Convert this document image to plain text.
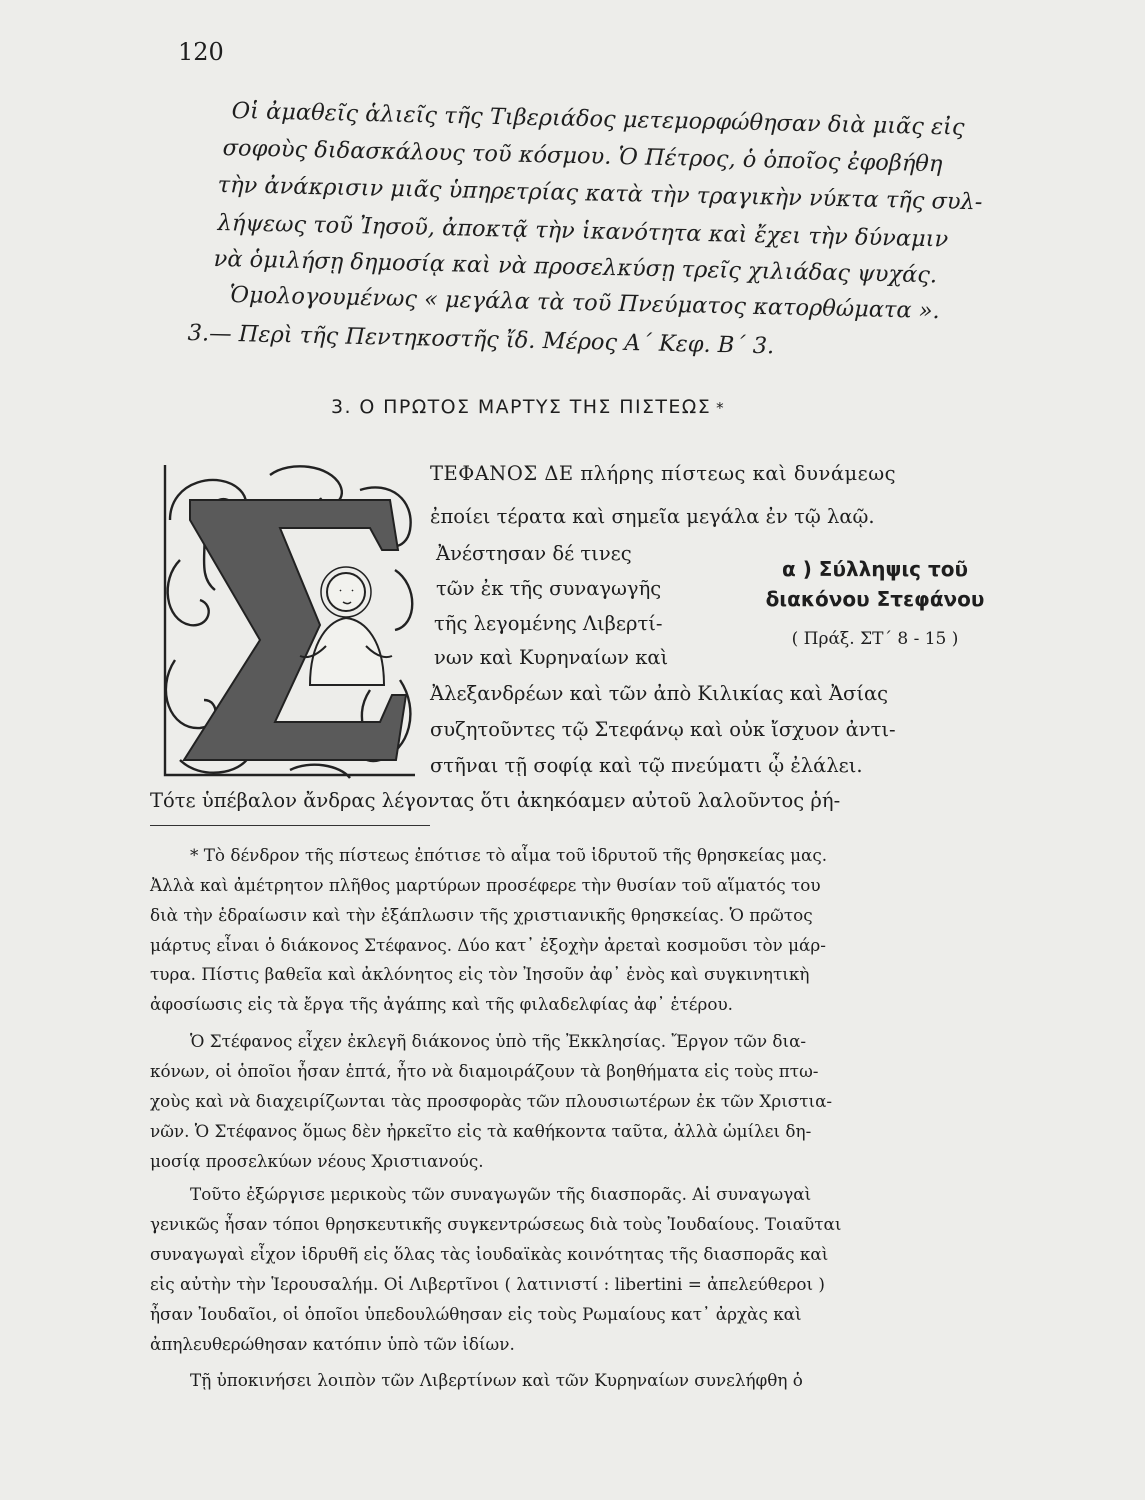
120
Οἱ ἀμαθεῖς ἁλιεῖς τῆς Τιβεριάδος μετεμορφώθησαν διὰ μιᾶς εἰς
σοφοὺς διδασκάλους τοῦ κόσμου. Ὁ Πέτρος, ὁ ὁποῖος ἐφοβήθη
τὴν ἀνάκρισιν μιᾶς ὑπηρετρίας κατὰ τὴν τραγικὴν νύκτα τῆς συλ-
λήψεως τοῦ Ἰησοῦ, ἀποκτᾷ τὴν ἱκανότητα καὶ ἔχει τὴν δύναμιν
νὰ ὁμιλήσῃ δημοσίᾳ καὶ νὰ προσελκύσῃ τρεῖς χιλιάδας ψυχάς.
Ὁμολογουμένως « μεγάλα τὰ τοῦ Πνεύματος κατορθώματα ».
3.— Περὶ τῆς Πεντηκοστῆς ἴδ. Μέρος Α΄ Κεφ. Β΄ 3.
3. Ο ΠΡΩΤΟΣ ΜΑΡΤΥΣ ΤΗΣ ΠΙΣΤΕΩΣ *
ΤΕΦΑΝΟΣ ΔΕ πλήρης πίστεως καὶ δυνάμεως
ἐποίει τέρατα καὶ σημεῖα μεγάλα ἐν τῷ λαῷ.
Ἀνέστησαν δέ τινες
τῶν ἐκ τῆς συναγωγῆς
τῆς λεγομένης Λιβερτί-
νων καὶ Κυρηναίων καὶ
α ) Σύλληψις τοῦ
διακόνου Στεφάνου
( Πράξ. ΣΤ΄ 8 - 15 )
Ἀλεξανδρέων καὶ τῶν ἀπὸ Κιλικίας καὶ Ἀσίας
συζητοῦντες τῷ Στεφάνῳ καὶ οὐκ ἴσχυον ἀντι-
στῆναι τῇ σοφίᾳ καὶ τῷ πνεύματι ᾧ ἐλάλει.
Τότε ὑπέβαλον ἄνδρας λέγοντας ὅτι ἀκηκόαμεν αὐτοῦ λαλοῦντος ῥή-
* Τὸ δένδρον τῆς πίστεως ἐπότισε τὸ αἷμα τοῦ ἱδρυτοῦ τῆς θρησκείας μας.
Ἀλλὰ καὶ ἀμέτρητον πλῆθος μαρτύρων προσέφερε τὴν θυσίαν τοῦ αἵματός του
διὰ τὴν ἑδραίωσιν καὶ τὴν ἐξάπλωσιν τῆς χριστιανικῆς θρησκείας. Ὁ πρῶτος
μάρτυς εἶναι ὁ διάκονος Στέφανος. Δύο κατ᾽ ἐξοχὴν ἀρεταὶ κοσμοῦσι τὸν μάρ-
τυρα. Πίστις βαθεῖα καὶ ἀκλόνητος εἰς τὸν Ἰησοῦν ἀφ᾽ ἑνὸς καὶ συγκινητικὴ
ἀφοσίωσις εἰς τὰ ἔργα τῆς ἀγάπης καὶ τῆς φιλαδελφίας ἀφ᾽ ἑτέρου.
Ὁ Στέφανος εἶχεν ἐκλεγῆ διάκονος ὑπὸ τῆς Ἐκκλησίας. Ἔργον τῶν δια-
κόνων, οἱ ὁποῖοι ἦσαν ἑπτά, ἦτο νὰ διαμοιράζουν τὰ βοηθήματα εἰς τοὺς πτω-
χοὺς καὶ νὰ διαχειρίζωνται τὰς προσφορὰς τῶν πλουσιωτέρων ἐκ τῶν Χριστια-
νῶν. Ὁ Στέφανος ὅμως δὲν ἠρκεῖτο εἰς τὰ καθήκοντα ταῦτα, ἀλλὰ ὡμίλει δη-
μοσίᾳ προσελκύων νέους Χριστιανούς.
Τοῦτο ἐξώργισε μερικοὺς τῶν συναγωγῶν τῆς διασπορᾶς. Αἱ συναγωγαὶ
γενικῶς ἦσαν τόποι θρησκευτικῆς συγκεντρώσεως διὰ τοὺς Ἰουδαίους. Τοιαῦται
συναγωγαὶ εἶχον ἱδρυθῆ εἰς ὅλας τὰς ἰουδαϊκὰς κοινότητας τῆς διασπορᾶς καὶ
εἰς αὐτὴν τὴν Ἱερουσαλήμ. Οἱ Λιβερτῖνοι ( λατινιστί : libertini = ἀπελεύθεροι )
ἦσαν Ἰουδαῖοι, οἱ ὁποῖοι ὑπεδουλώθησαν εἰς τοὺς Ρωμαίους κατ᾽ ἀρχὰς καὶ
ἀπηλευθερώθησαν κατόπιν ὑπὸ τῶν ἰδίων.
Τῇ ὑποκινήσει λοιπὸν τῶν Λιβερτίνων καὶ τῶν Κυρηναίων συνελήφθη ὁ
